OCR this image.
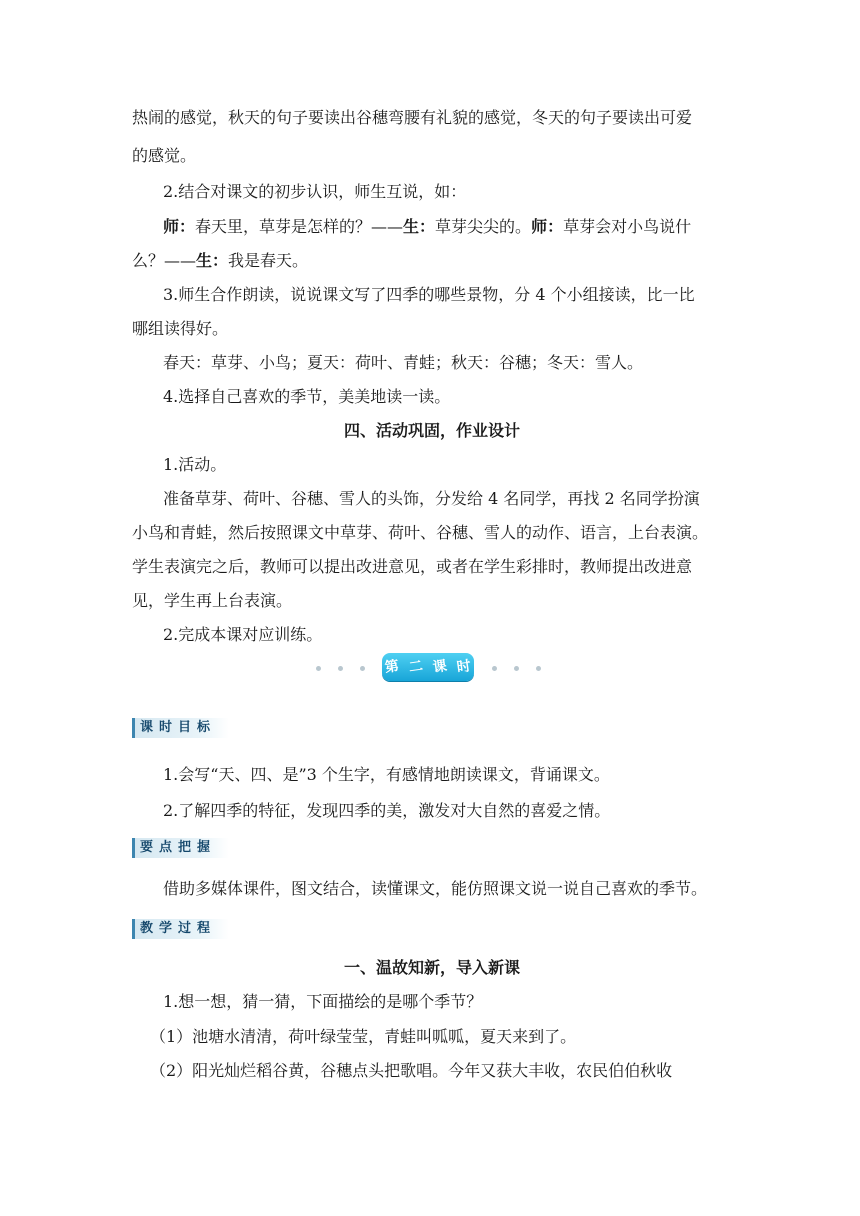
热闹的感觉，秋天的句子要读出谷穗弯腰有礼貌的感觉，冬天的句子要读出可爱
的感觉。
2.结合对课文的初步认识，师生互说，如：
师：春天里，草芽是怎样的？——生：草芽尖尖的。师：草芽会对小鸟说什
么？——生：我是春天。
3.师生合作朗读，说说课文写了四季的哪些景物，分 4 个小组接读，比一比
哪组读得好。
春天：草芽、小鸟；夏天：荷叶、青蛙；秋天：谷穗；冬天：雪人。
4.选择自己喜欢的季节，美美地读一读。
四、活动巩固，作业设计
1.活动。
准备草芽、荷叶、谷穗、雪人的头饰，分发给 4 名同学，再找 2 名同学扮演
小鸟和青蛙，然后按照课文中草芽、荷叶、谷穗、雪人的动作、语言，上台表演。
学生表演完之后，教师可以提出改进意见，或者在学生彩排时，教师提出改进意
见，学生再上台表演。
2.完成本课对应训练。
第 二 课 时
课时目标
1.会写“天、四、是”3 个生字，有感情地朗读课文，背诵课文。
2.了解四季的特征，发现四季的美，激发对大自然的喜爱之情。
要点把握
借助多媒体课件，图文结合，读懂课文，能仿照课文说一说自己喜欢的季节。
教学过程
一、温故知新，导入新课
1.想一想，猜一猜，下面描绘的是哪个季节？
（1）池塘水清清，荷叶绿莹莹，青蛙叫呱呱，夏天来到了。
（2）阳光灿烂稻谷黄，谷穗点头把歌唱。今年又获大丰收，农民伯伯秋收
